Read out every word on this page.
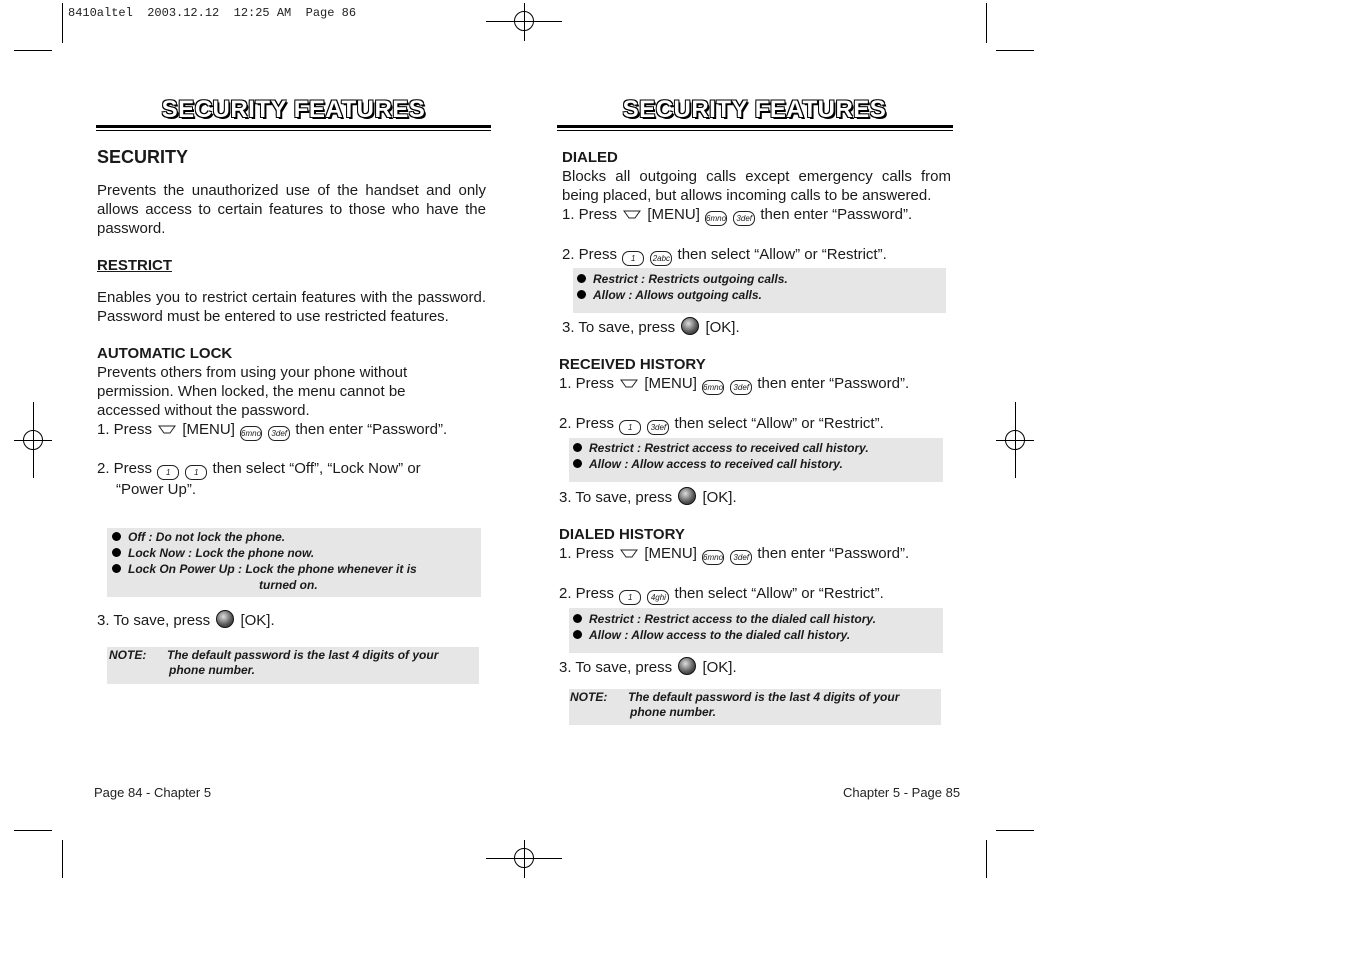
8410altel  2003.12.12  12:25 AM  Page 86
SECURITY FEATURES
SECURITY
Prevents the unauthorized use of the handset and only allows access to certain features to those who have the password.
RESTRICT
Enables you to restrict certain features with the password. Password must be entered to use restricted features.
AUTOMATIC LOCK
Prevents others from using your phone without permission. When locked, the menu cannot be accessed without the password.
1. Press [MENU] 6mno 3def then enter “Password”.
2. Press 1	1 then select “Off”, “Lock Now” or
“Power Up”.
Off : Do not lock the phone.
Lock Now : Lock the phone now.
Lock On Power Up : Lock the phone whenever it is
turned on.
3. To save, press [OK].
NOTE: The default password is the last 4 digits of your
phone number.
Page 84 - Chapter 5
SECURITY FEATURES
DIALED
Blocks all outgoing calls except emergency calls from being placed, but allows incoming calls to be answered.
1. Press [MENU] 6mno 3def then enter “Password”.
2. Press 1 2abc then select “Allow” or “Restrict”.
Restrict : Restricts outgoing calls.
Allow : Allows outgoing calls.
3. To save, press [OK].
RECEIVED HISTORY
1. Press [MENU] 6mno 3def then enter “Password”.
2. Press 1 3def then select “Allow” or “Restrict”.
Restrict : Restrict access to received call history.
Allow : Allow access to received call history.
3. To save, press [OK].
DIALED HISTORY
1. Press [MENU] 6mno 3def then enter “Password”.
2. Press 1 4ghi then select “Allow” or “Restrict”.
Restrict : Restrict access to the dialed call history.
Allow : Allow access to the dialed call history.
3. To save, press [OK].
NOTE: The default password is the last 4 digits of your
phone number.
Chapter 5 - Page 85
